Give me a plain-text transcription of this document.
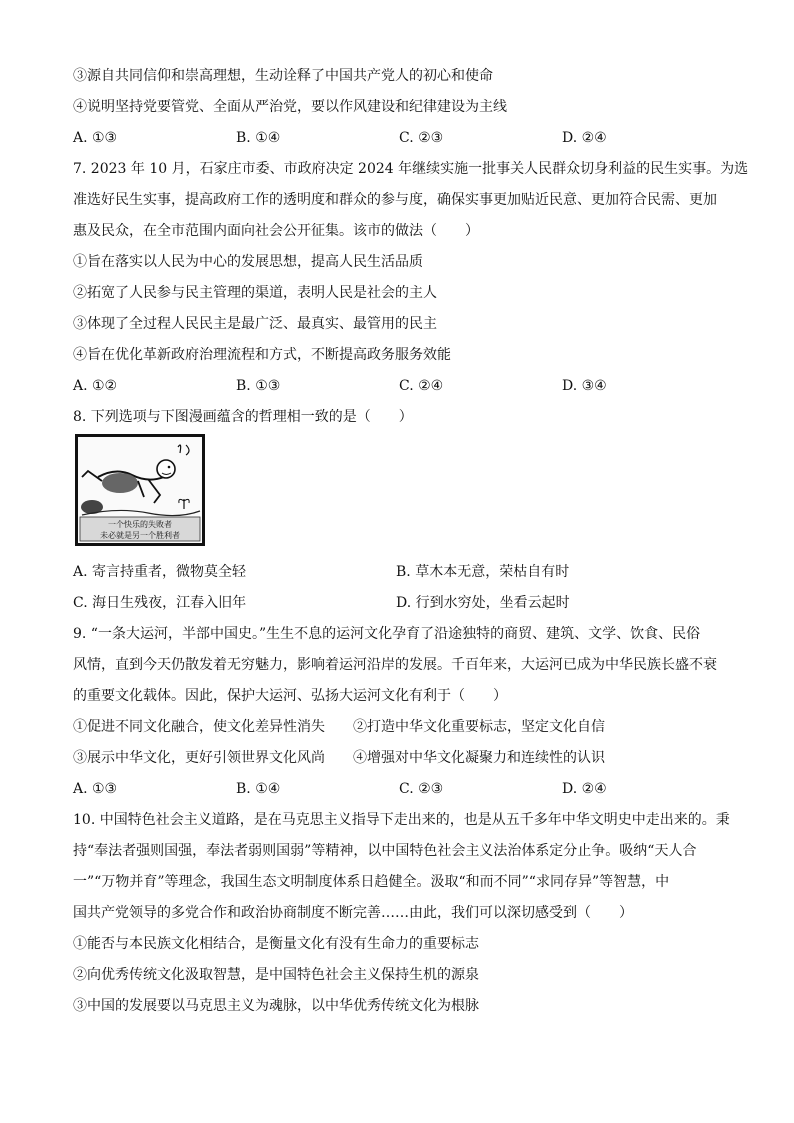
③源自共同信仰和崇高理想，生动诠释了中国共产党人的初心和使命
④说明坚持党要管党、全面从严治党，要以作风建设和纪律建设为主线
A. ①③	B. ①④	C. ②③	D. ②④
7. 2023 年 10 月，石家庄市委、市政府决定 2024 年继续实施一批事关人民群众切身利益的民生实事。为选
准选好民生实事，提高政府工作的透明度和群众的参与度，确保实事更加贴近民意、更加符合民需、更加
惠及民众，在全市范围内面向社会公开征集。该市的做法（　　）
①旨在落实以人民为中心的发展思想，提高人民生活品质
②拓宽了人民参与民主管理的渠道，表明人民是社会的主人
③体现了全过程人民民主是最广泛、最真实、最管用的民主
④旨在优化革新政府治理流程和方式，不断提高政务服务效能
A. ①②	B. ①③	C. ②④	D. ③④
8. 下列选项与下图漫画蕴含的哲理相一致的是（　　）
一个快乐的失败者
未必就是另一个胜利者
A. 寄言持重者，微物莫全轻	B. 草木本无意，荣枯自有时
C. 海日生残夜，江春入旧年	D. 行到水穷处，坐看云起时
9. “一条大运河，半部中国史。”生生不息的运河文化孕育了沿途独特的商贸、建筑、文学、饮食、民俗
风情，直到今天仍散发着无穷魅力，影响着运河沿岸的发展。千百年来，大运河已成为中华民族长盛不衰
的重要文化载体。因此，保护大运河、弘扬大运河文化有利于（　　）
①促进不同文化融合，使文化差异性消失　　②打造中华文化重要标志，坚定文化自信
③展示中华文化，更好引领世界文化风尚　　④增强对中华文化凝聚力和连续性的认识
A. ①③	B. ①④	C. ②③	D. ②④
10. 中国特色社会主义道路，是在马克思主义指导下走出来的，也是从五千多年中华文明史中走出来的。秉
持“奉法者强则国强，奉法者弱则国弱”等精神，以中国特色社会主义法治体系定分止争。吸纳“天人合
一”“万物并育”等理念，我国生态文明制度体系日趋健全。汲取“和而不同”“求同存异”等智慧，中
国共产党领导的多党合作和政治协商制度不断完善……由此，我们可以深切感受到（　　）
①能否与本民族文化相结合，是衡量文化有没有生命力的重要标志
②向优秀传统文化汲取智慧，是中国特色社会主义保持生机的源泉
③中国的发展要以马克思主义为魂脉，以中华优秀传统文化为根脉
